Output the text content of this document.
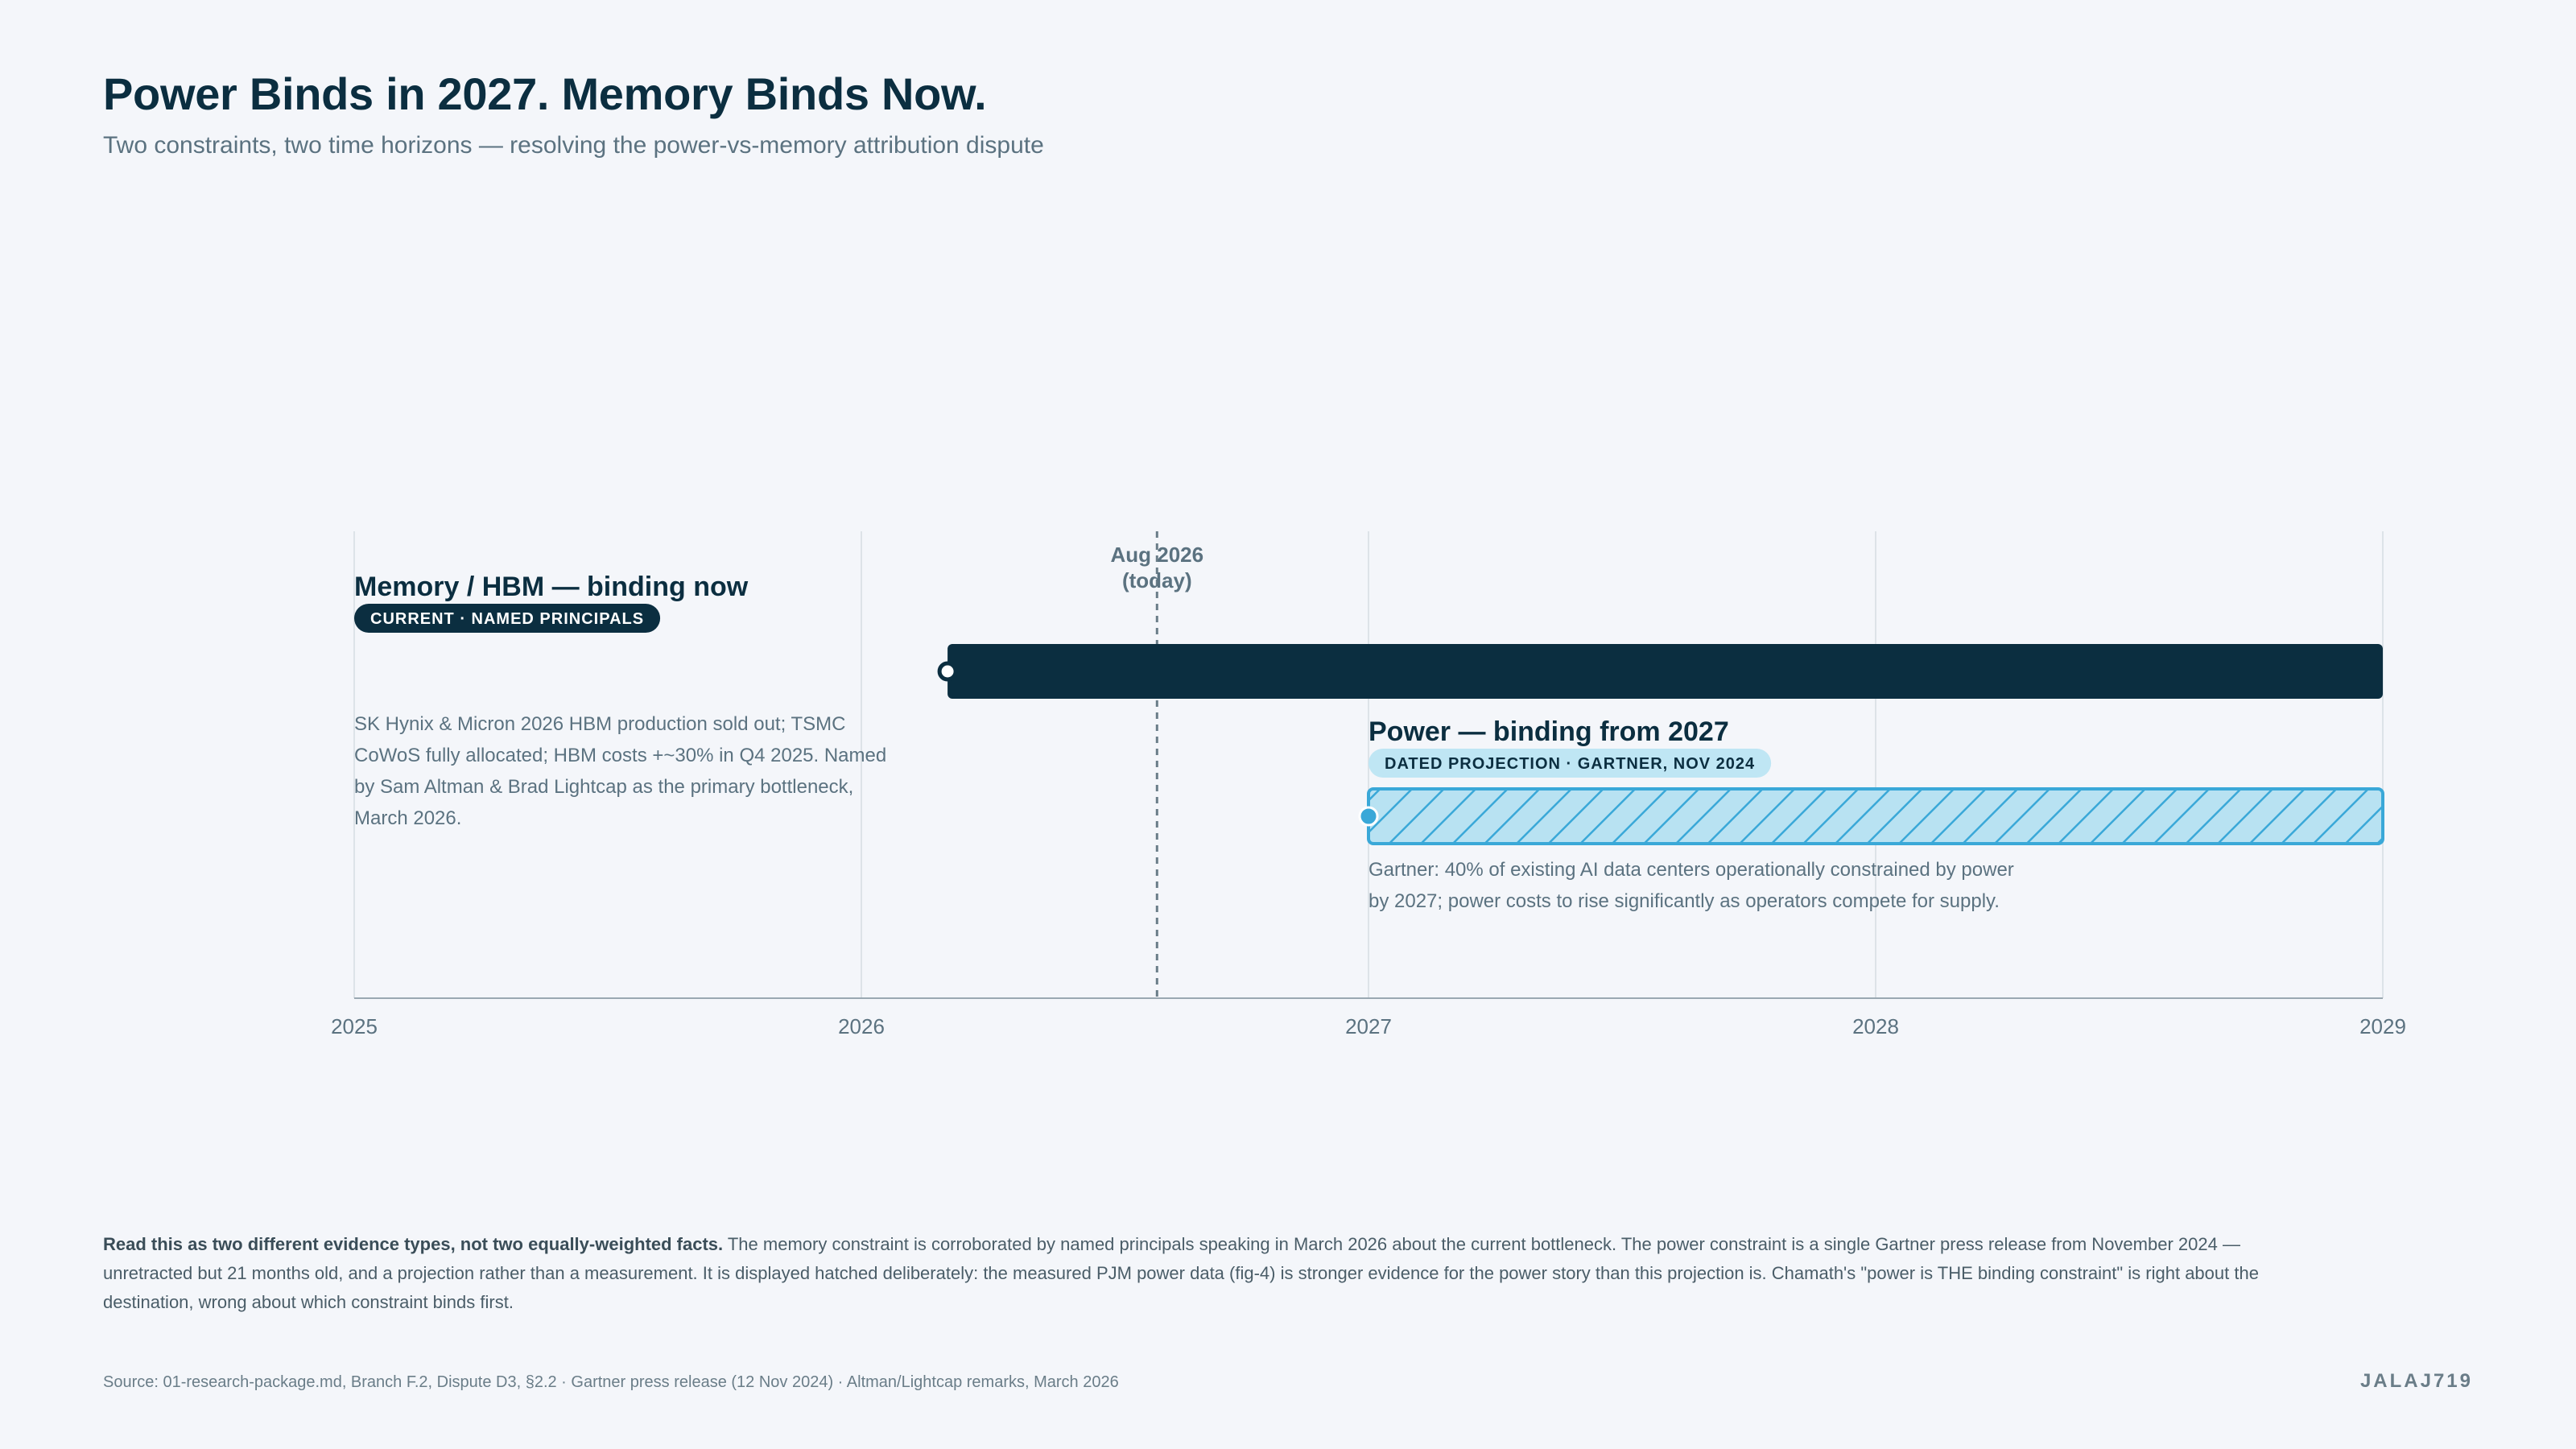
Power Binds in 2027. Memory Binds Now.
Two constraints, two time horizons — resolving the power-vs-memory attribution dispute
2025	2026	2027	2028	2029
Aug 2026
(today)
Memory / HBM — binding now
CURRENT · NAMED PRINCIPALS
Power — binding from 2027
DATED PROJECTION · GARTNER, NOV 2024
SK Hynix & Micron 2026 HBM production sold out; TSMC CoWoS fully allocated; HBM costs +~30% in Q4 2025. Named by Sam Altman & Brad Lightcap as the primary bottleneck, March 2026.
Gartner: 40% of existing AI data centers operationally constrained by power by 2027; power costs to rise significantly as operators compete for supply.
Read this as two different evidence types, not two equally-weighted facts. The memory constraint is corroborated by named principals speaking in March 2026 about the current bottleneck. The power constraint is a single Gartner press release from November 2024 — unretracted but 21 months old, and a projection rather than a measurement. It is displayed hatched deliberately: the measured PJM power data (fig-4) is stronger evidence for the power story than this projection is. Chamath's "power is THE binding constraint" is right about the destination, wrong about which constraint binds first.
Source: 01-research-package.md, Branch F.2, Dispute D3, §2.2 · Gartner press release (12 Nov 2024) · Altman/Lightcap remarks, March 2026	JALAJ719
